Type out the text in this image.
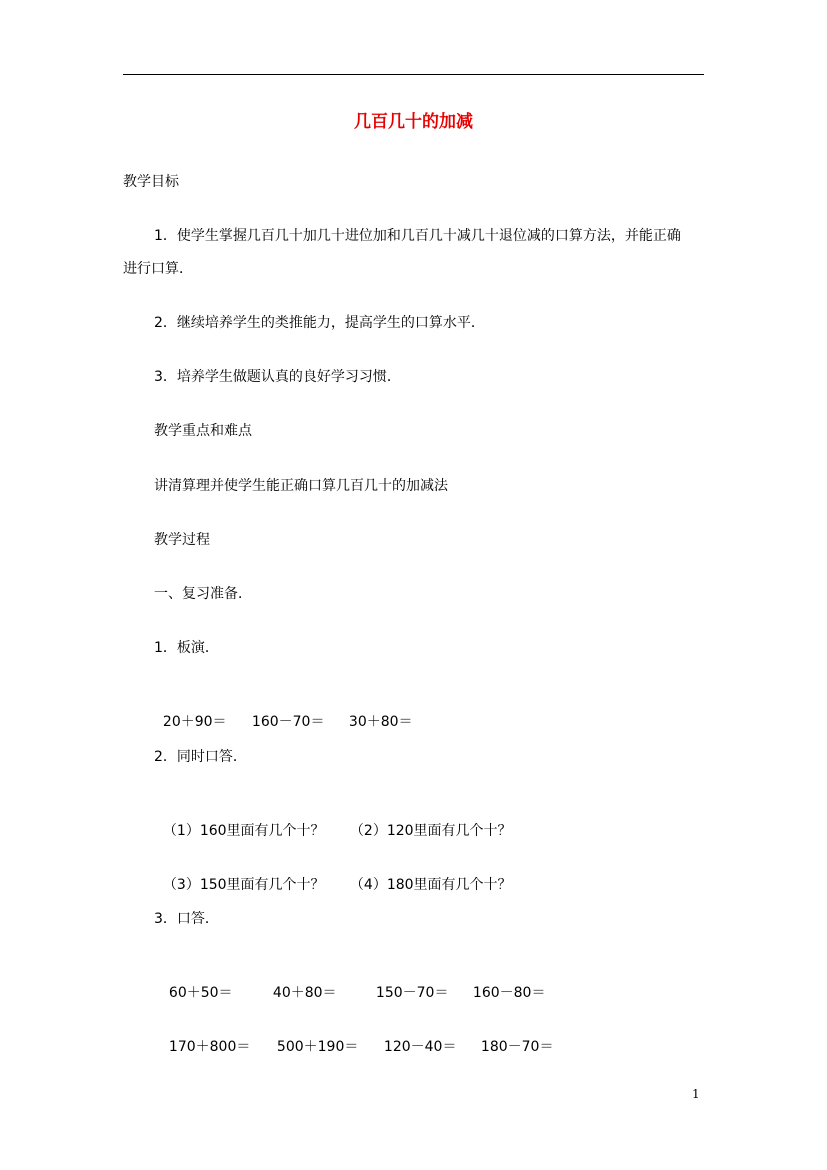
几百几十的加减
教学目标
1．使学生掌握几百几十加几十进位加和几百几十减几十退位减的口算方法，并能正确
进行口算．
2．继续培养学生的类推能力，提高学生的口算水平．
3．培养学生做题认真的良好学习习惯．
教学重点和难点
讲清算理并使学生能正确口算几百几十的加减法
教学过程
一、复习准备．
1．板演．

20＋90＝ 160－70＝ 30＋80＝

2．同时口答．

（1）160里面有几个十？ （2）120里面有几个十？

（3）150里面有几个十？ （4）180里面有几个十？

3．口答．

60＋50＝	40＋80＝	150－70＝ 160－80＝

170＋800＝ 500＋190＝ 120－40＝ 180－70＝

1
